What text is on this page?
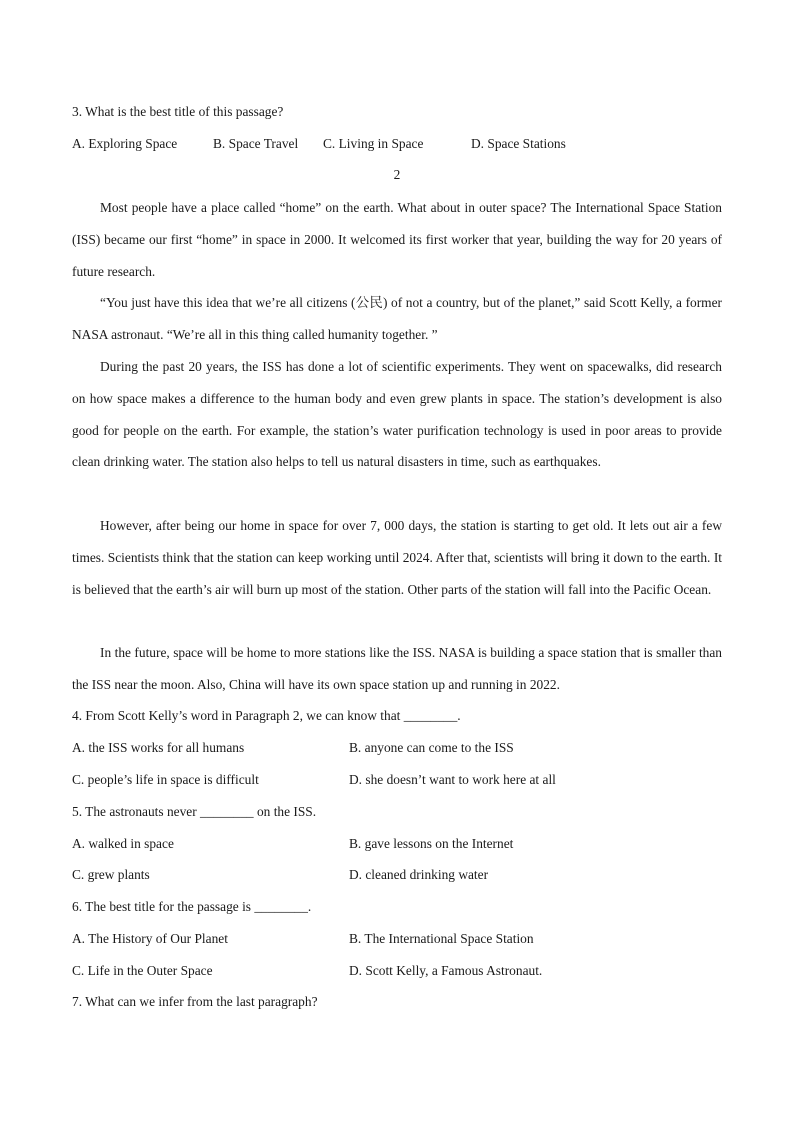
3. What is the best title of this passage?
A. Exploring Space	B. Space Travel C. Living in Space	D. Space Stations
2

Most people have a place called “home” on the earth. What about in outer space? The International Space Station (ISS) became our first “home” in space in 2000. It welcomed its first worker that year, building the way for 20 years of future research.

“You just have this idea that we’re all citizens (公民) of not a country, but of the planet,” said Scott Kelly, a former NASA astronaut. “We’re all in this thing called humanity together. ”

During the past 20 years, the ISS has done a lot of scientific experiments. They went on spacewalks, did research on how space makes a difference to the human body and even grew plants in space. The station’s development is also good for people on the earth. For example, the station’s water purification technology is used in poor areas to provide clean drinking water. The station also helps to tell us natural disasters in time, such as earthquakes.

However, after being our home in space for over 7, 000 days, the station is starting to get old. It lets out air a few times. Scientists think that the station can keep working until 2024. After that, scientists will bring it down to the earth. It is believed that the earth’s air will burn up most of the station. Other parts of the station will fall into the Pacific Ocean.

In the future, space will be home to more stations like the ISS. NASA is building a space station that is smaller than the ISS near the moon. Also, China will have its own space station up and running in 2022.

4. From Scott Kelly’s word in Paragraph 2, we can know that ________.
A. the ISS works for all humans	B. anyone can come to the ISS
C. people’s life in space is difficult	D. she doesn’t want to work here at all
5. The astronauts never ________ on the ISS.
A. walked in space	B. gave lessons on the Internet
C. grew plants	D. cleaned drinking water
6. The best title for the passage is ________.
A. The History of Our Planet	B. The International Space Station
C. Life in the Outer Space	D. Scott Kelly, a Famous Astronaut.
7. What can we infer from the last paragraph?
